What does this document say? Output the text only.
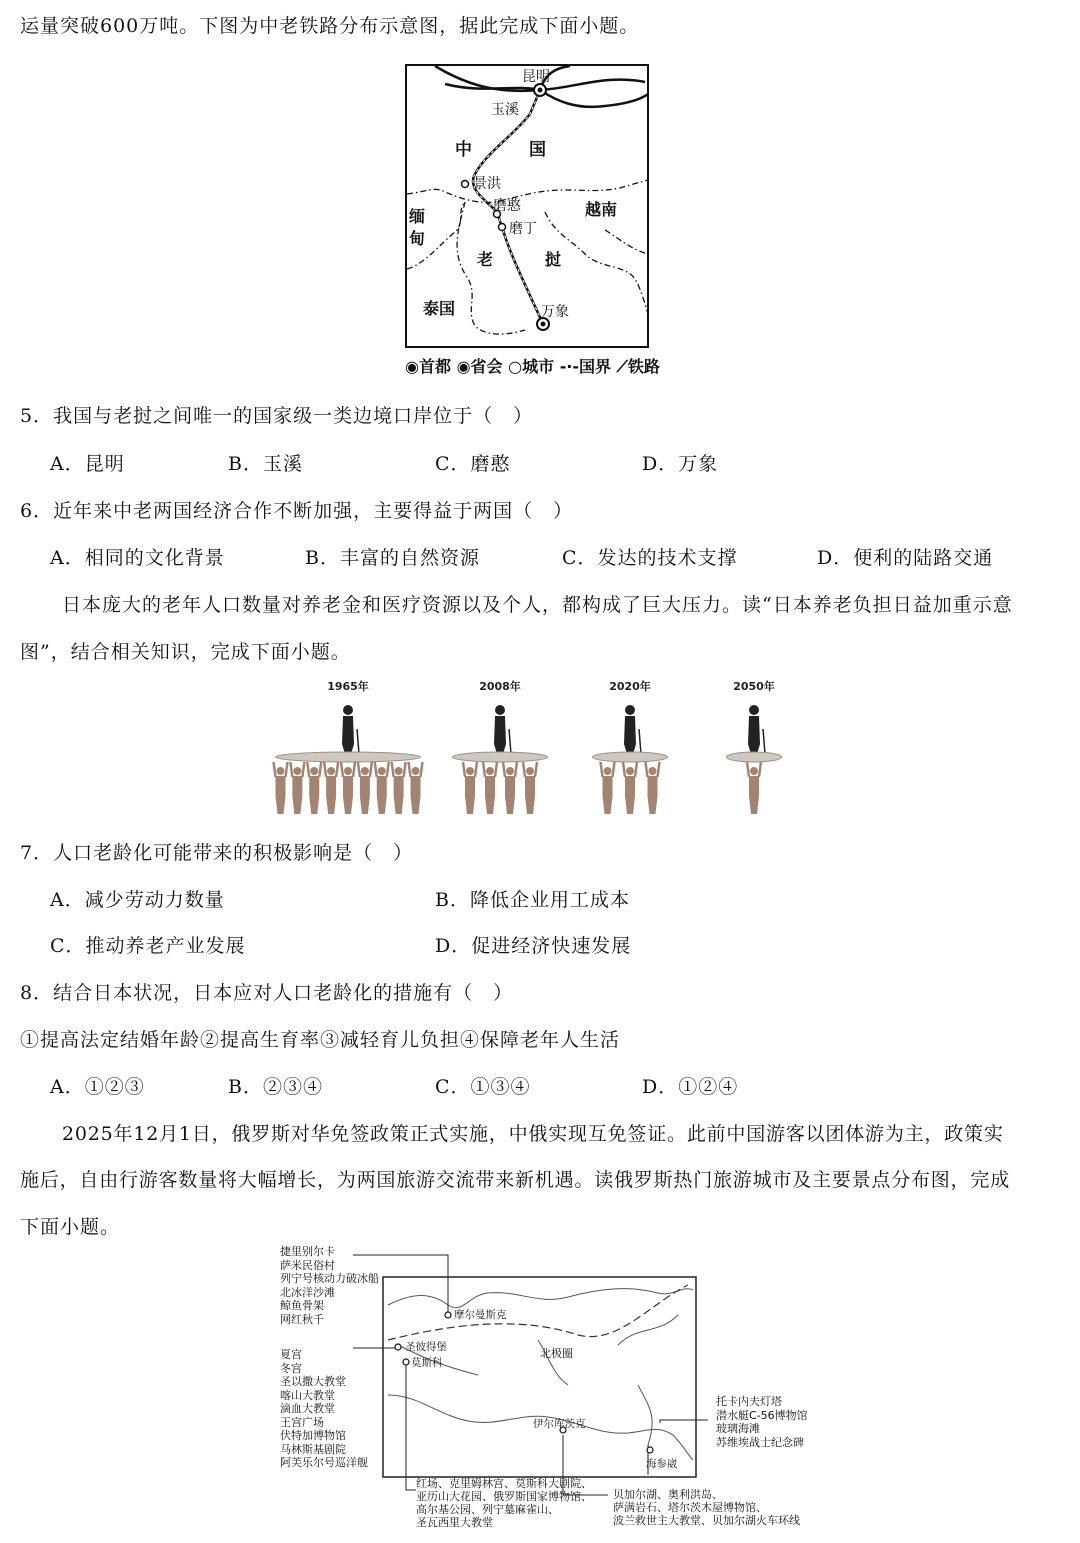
运量突破600万吨。下图为中老铁路分布示意图，据此完成下面小题。
昆明
玉溪
中	国
景洪
磨憨
磨丁
缅
甸
越南
老	挝
泰国	万象
◉首都 ◉省会 ○城市 -·-国界 ⟋铁路
5．我国与老挝之间唯一的国家级一类边境口岸位于（　）
A．昆明	B．玉溪	C．磨憨	D．万象
6．近年来中老两国经济合作不断加强，主要得益于两国（　）
A．相同的文化背景	B．丰富的自然资源	C．发达的技术支撑	D．便利的陆路交通
日本庞大的老年人口数量对养老金和医疗资源以及个人，都构成了巨大压力。读“日本养老负担日益加重示意
图”，结合相关知识，完成下面小题。
1965年	2008年	2020年	2050年
7．人口老龄化可能带来的积极影响是（　）
A．减少劳动力数量	B．降低企业用工成本
C．推动养老产业发展	D．促进经济快速发展
8．结合日本状况，日本应对人口老龄化的措施有（　）
①提高法定结婚年龄②提高生育率③减轻育儿负担④保障老年人生活
A．①②③	B．②③④	C．①③④	D．①②④
2025年12月1日，俄罗斯对华免签政策正式实施，中俄实现互免签证。此前中国游客以团体游为主，政策实
施后，自由行游客数量将大幅增长，为两国旅游交流带来新机遇。读俄罗斯热门旅游城市及主要景点分布图，完成
下面小题。
摩尔曼斯克
圣彼得堡
莫斯科
北极圈
伊尔库茨克
海参崴
捷里别尔卡
萨米民俗村
列宁号核动力破冰船
北冰洋沙滩
鲸鱼骨架
网红秋千
夏宫
冬宫
圣以撒大教堂
喀山大教堂
滴血大教堂
王宫广场
伏特加博物馆
马林斯基剧院
阿芙乐尔号巡洋舰
红场、克里姆林宫、莫斯科大剧院、
亚历山大花园、俄罗斯国家博物馆、
高尔基公园、列宁墓麻雀山、
圣瓦西里大教堂
贝加尔湖、奥利洪岛、
萨满岩石、塔尔茨木屋博物馆、
波兰救世主大教堂、贝加尔湖火车环线
托卡内夫灯塔
潜水艇C-56博物馆
玻璃海滩
苏维埃战士纪念碑
